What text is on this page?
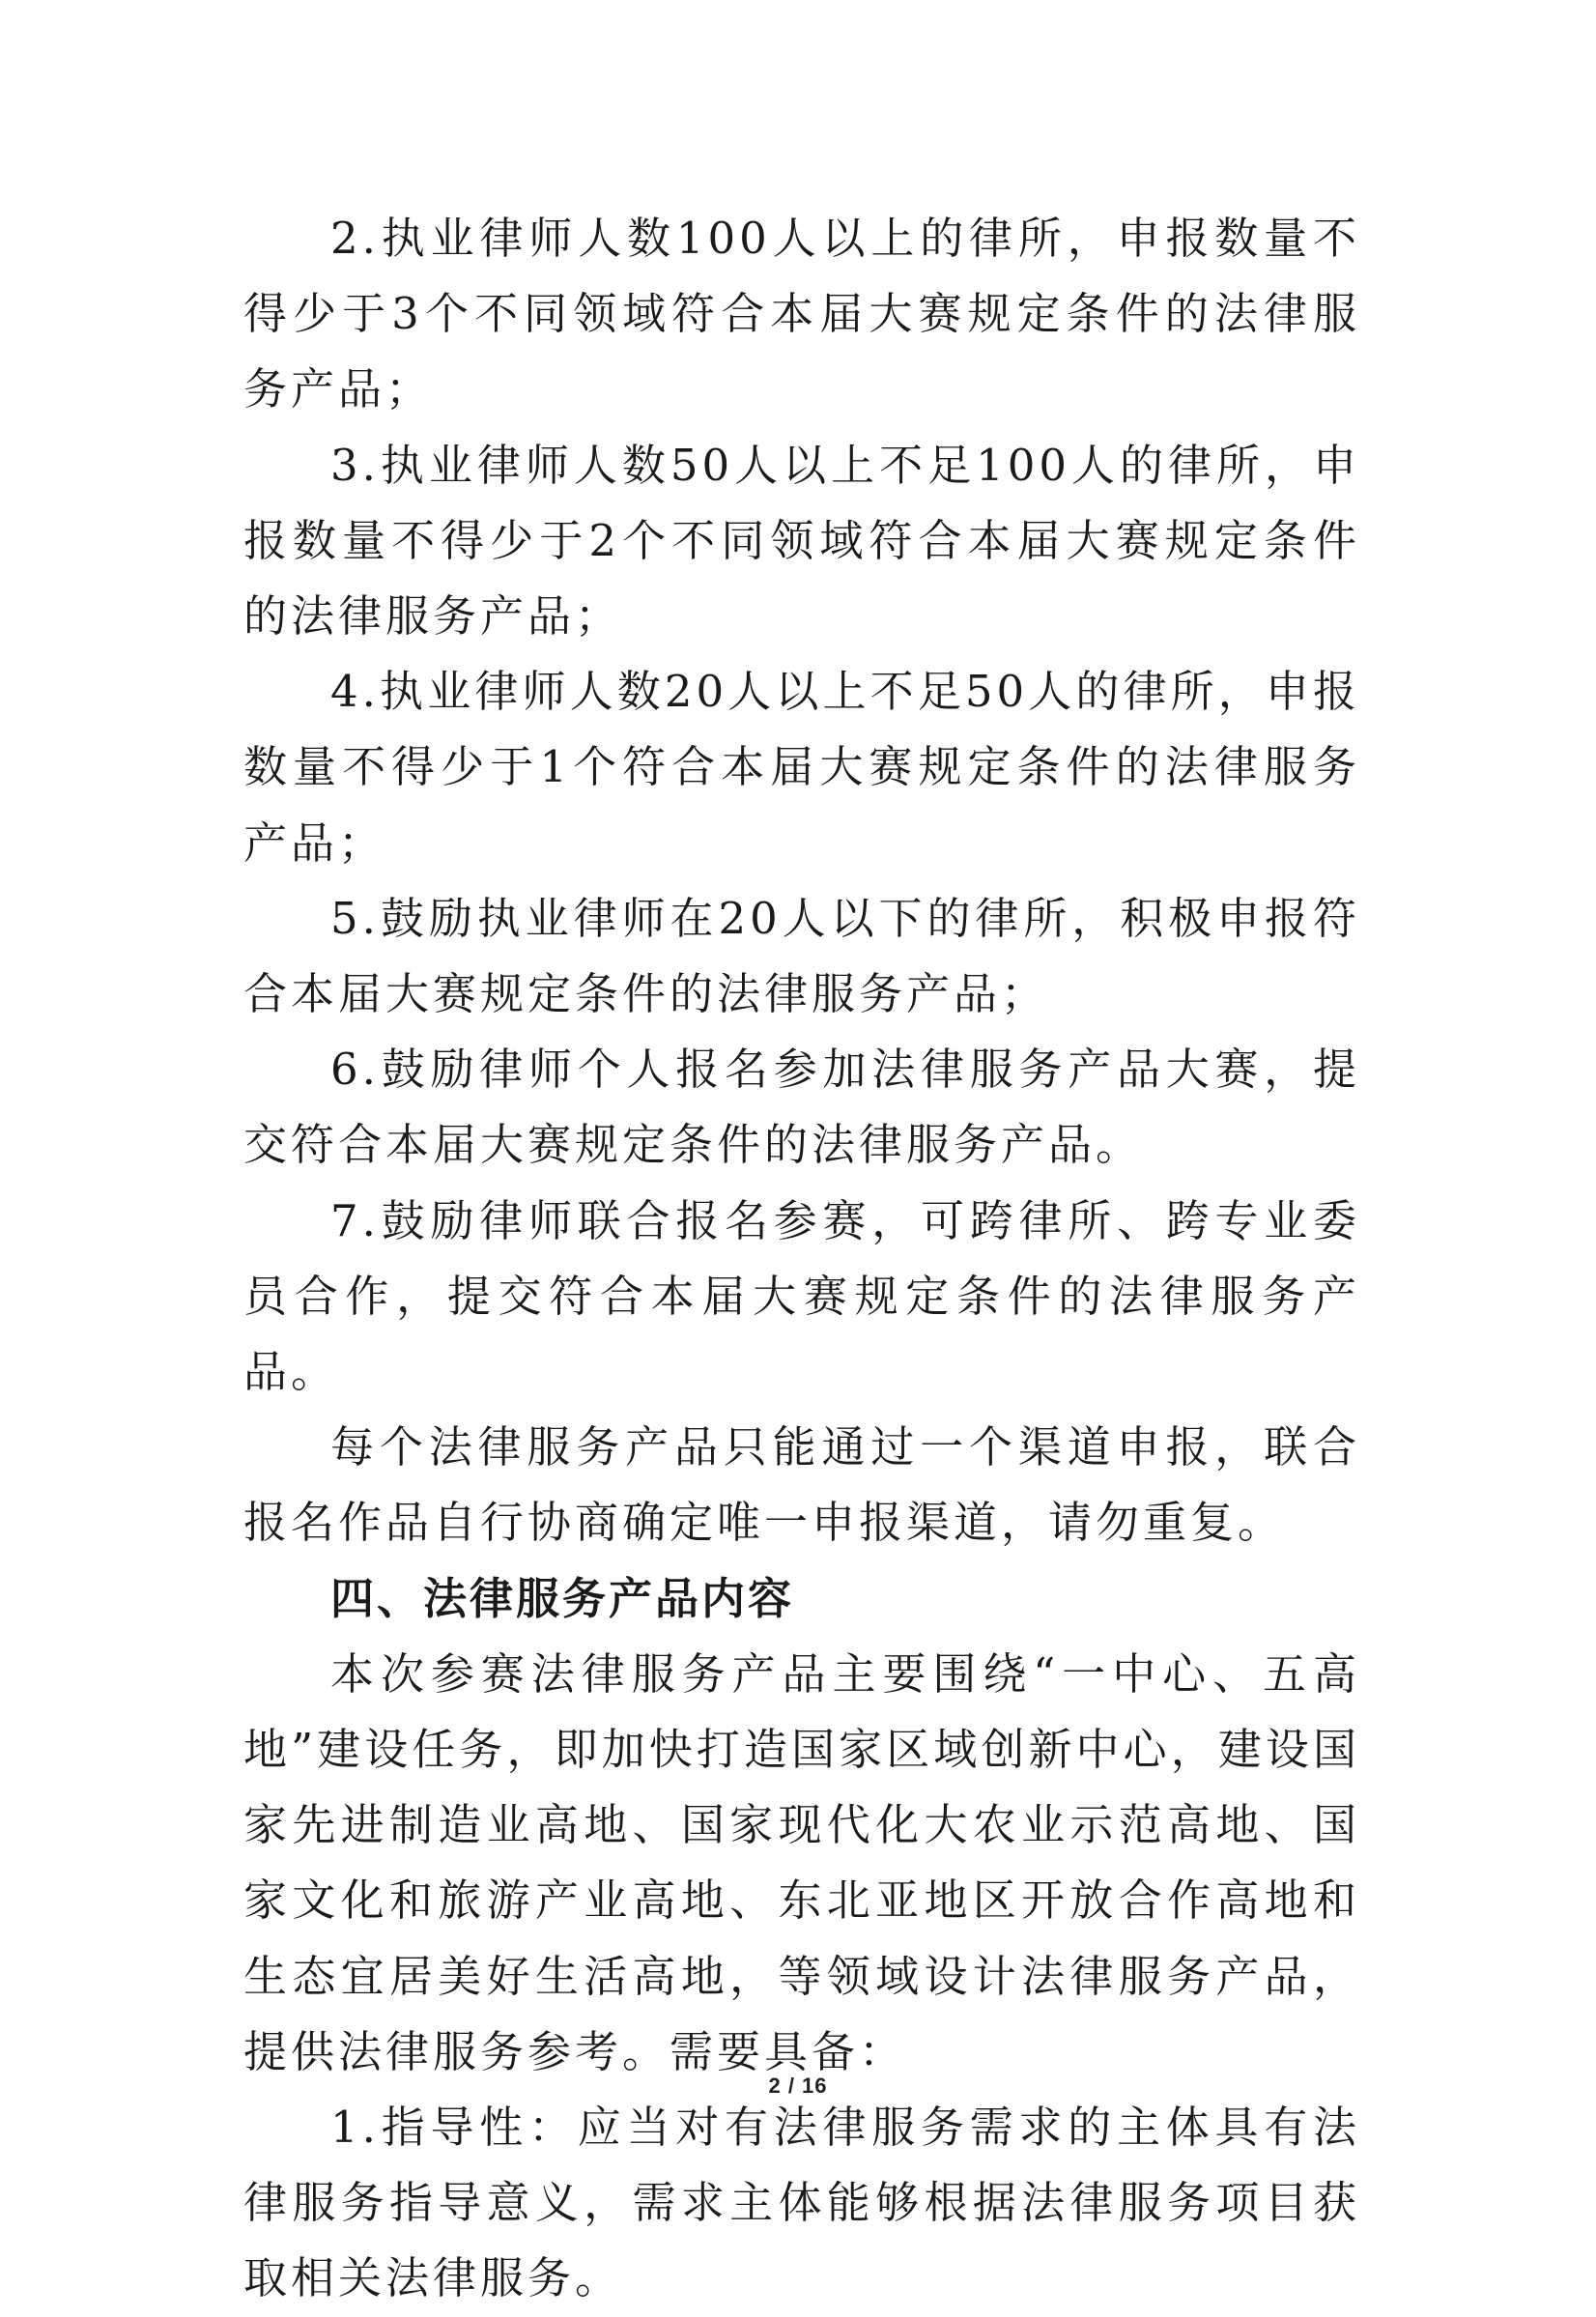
2.执业律师人数100人以上的律所，申报数量不得少于3个不同领域符合本届大赛规定条件的法律服务产品；

3.执业律师人数50人以上不足100人的律所，申报数量不得少于2个不同领域符合本届大赛规定条件的法律服务产品；

4.执业律师人数20人以上不足50人的律所，申报数量不得少于1个符合本届大赛规定条件的法律服务产品；

5.鼓励执业律师在20人以下的律所，积极申报符合本届大赛规定条件的法律服务产品；

6.鼓励律师个人报名参加法律服务产品大赛，提交符合本届大赛规定条件的法律服务产品。

7.鼓励律师联合报名参赛，可跨律所、跨专业委员合作，提交符合本届大赛规定条件的法律服务产品。

每个法律服务产品只能通过一个渠道申报，联合报名作品自行协商确定唯一申报渠道，请勿重复。

四、法律服务产品内容

本次参赛法律服务产品主要围绕“一中心、五高地”建设任务，即加快打造国家区域创新中心，建设国家先进制造业高地、国家现代化大农业示范高地、国家文化和旅游产业高地、东北亚地区开放合作高地和生态宜居美好生活高地，等领域设计法律服务产品，提供法律服务参考。需要具备：

1.指导性：应当对有法律服务需求的主体具有法律服务指导意义，需求主体能够根据法律服务项目获取相关法律服务。

2 / 16
